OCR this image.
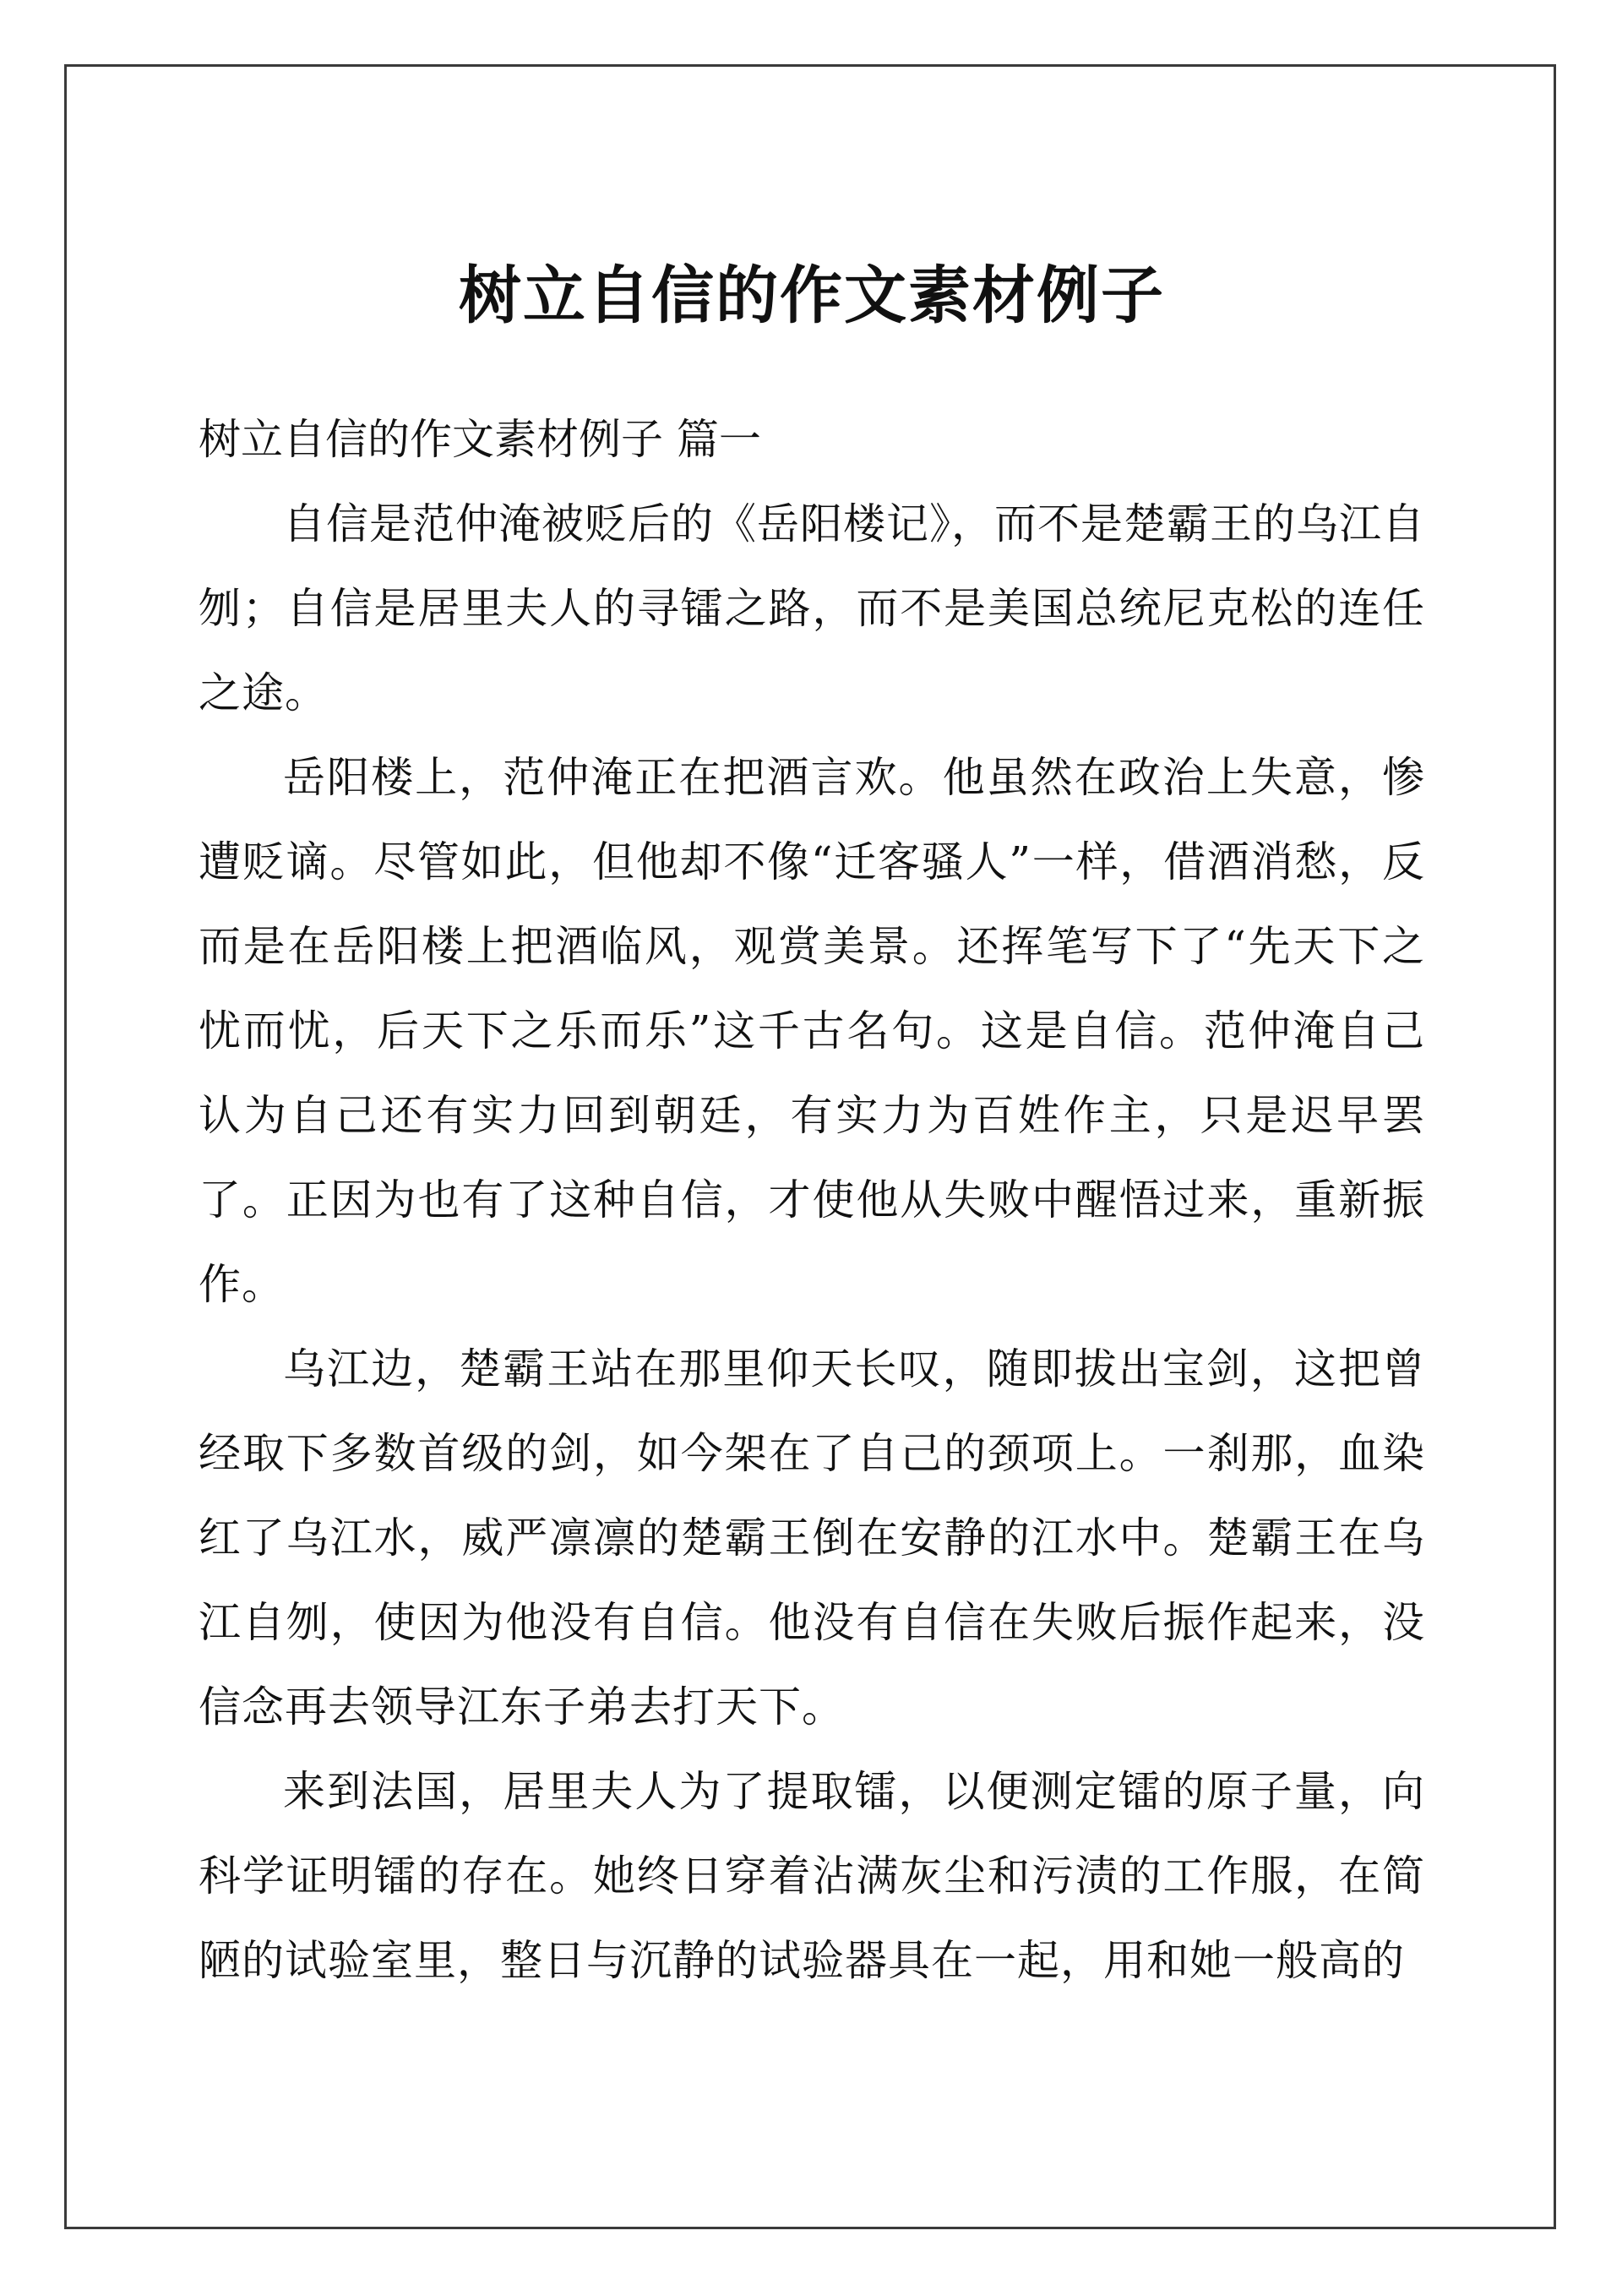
树立自信的作文素材例子

树立自信的作文素材例子 篇一

自信是范仲淹被贬后的《岳阳楼记》，而不是楚霸王的乌江自刎；自信是居里夫人的寻镭之路，而不是美国总统尼克松的连任之途。

岳阳楼上，范仲淹正在把酒言欢。他虽然在政治上失意，惨遭贬谪。尽管如此，但他却不像“迁客骚人”一样，借酒消愁，反而是在岳阳楼上把酒临风，观赏美景。还挥笔写下了“先天下之忧而忧，后天下之乐而乐”这千古名句。这是自信。范仲淹自己认为自己还有实力回到朝廷，有实力为百姓作主，只是迟早罢了。正因为也有了这种自信，才使他从失败中醒悟过来，重新振作。

乌江边，楚霸王站在那里仰天长叹，随即拔出宝剑，这把曾经取下多数首级的剑，如今架在了自己的颈项上。一刹那，血染红了乌江水，威严凛凛的楚霸王倒在安静的江水中。楚霸王在乌江自刎，使因为他没有自信。他没有自信在失败后振作起来，没信念再去领导江东子弟去打天下。

来到法国，居里夫人为了提取镭，以便测定镭的原子量，向科学证明镭的存在。她终日穿着沾满灰尘和污渍的工作服，在简陋的试验室里，整日与沉静的试验器具在一起，用和她一般高的
